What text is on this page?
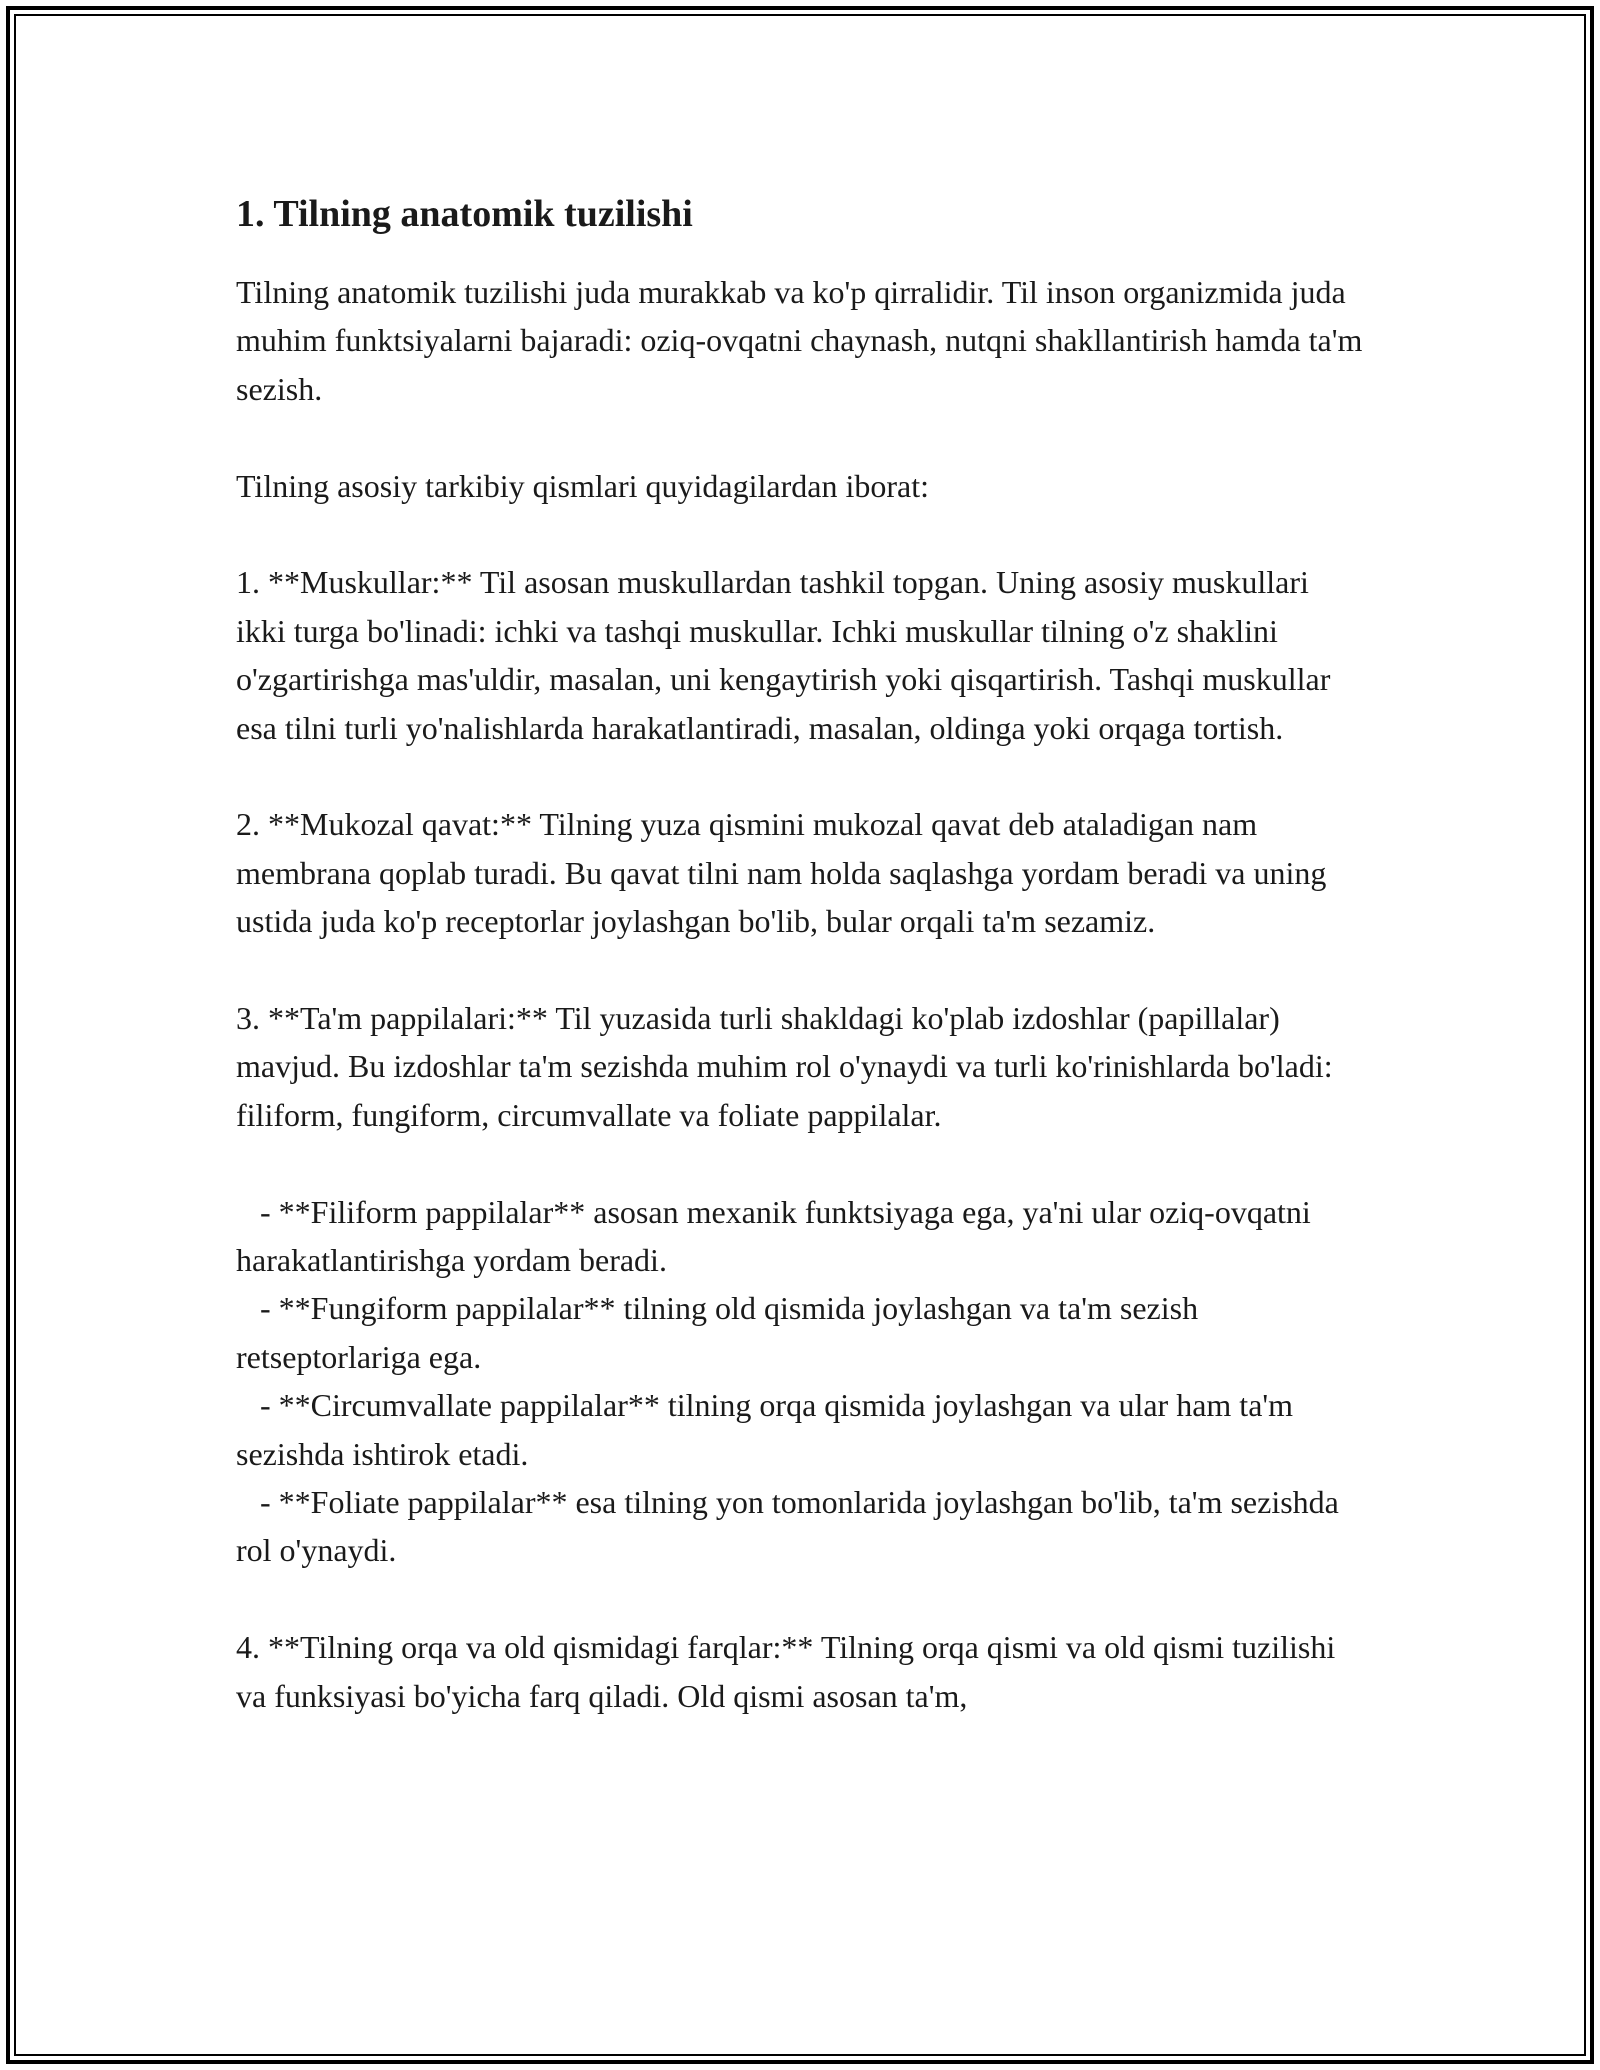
1. Tilning anatomik tuzilishi

Tilning anatomik tuzilishi juda murakkab va ko'p qirralidir. Til inson organizmida juda muhim funktsiyalarni bajaradi: oziq-ovqatni chaynash, nutqni shakllantirish hamda ta'm sezish.

Tilning asosiy tarkibiy qismlari quyidagilardan iborat:

1. **Muskullar:** Til asosan muskullardan tashkil topgan. Uning asosiy muskullari ikki turga bo'linadi: ichki va tashqi muskullar. Ichki muskullar tilning o'z shaklini o'zgartirishga mas'uldir, masalan, uni kengaytirish yoki qisqartirish. Tashqi muskullar esa tilni turli yo'nalishlarda harakatlantiradi, masalan, oldinga yoki orqaga tortish.

2. **Mukozal qavat:** Tilning yuza qismini mukozal qavat deb ataladigan nam membrana qoplab turadi. Bu qavat tilni nam holda saqlashga yordam beradi va uning ustida juda ko'p receptorlar joylashgan bo'lib, bular orqali ta'm sezamiz.

3. **Ta'm pappilalari:** Til yuzasida turli shakldagi ko'plab izdoshlar (papillalar) mavjud. Bu izdoshlar ta'm sezishda muhim rol o'ynaydi va turli ko'rinishlarda bo'ladi: filiform, fungiform, circumvallate va foliate pappilalar.

- **Filiform pappilalar** asosan mexanik funktsiyaga ega, ya'ni ular oziq-ovqatni harakatlantirishga yordam beradi.

- **Fungiform pappilalar** tilning old qismida joylashgan va ta'm sezish retseptorlariga ega.

- **Circumvallate pappilalar** tilning orqa qismida joylashgan va ular ham ta'm sezishda ishtirok etadi.

- **Foliate pappilalar** esa tilning yon tomonlarida joylashgan bo'lib, ta'm sezishda rol o'ynaydi.

4. **Tilning orqa va old qismidagi farqlar:** Tilning orqa qismi va old qismi tuzilishi va funksiyasi bo'yicha farq qiladi. Old qismi asosan ta'm,
